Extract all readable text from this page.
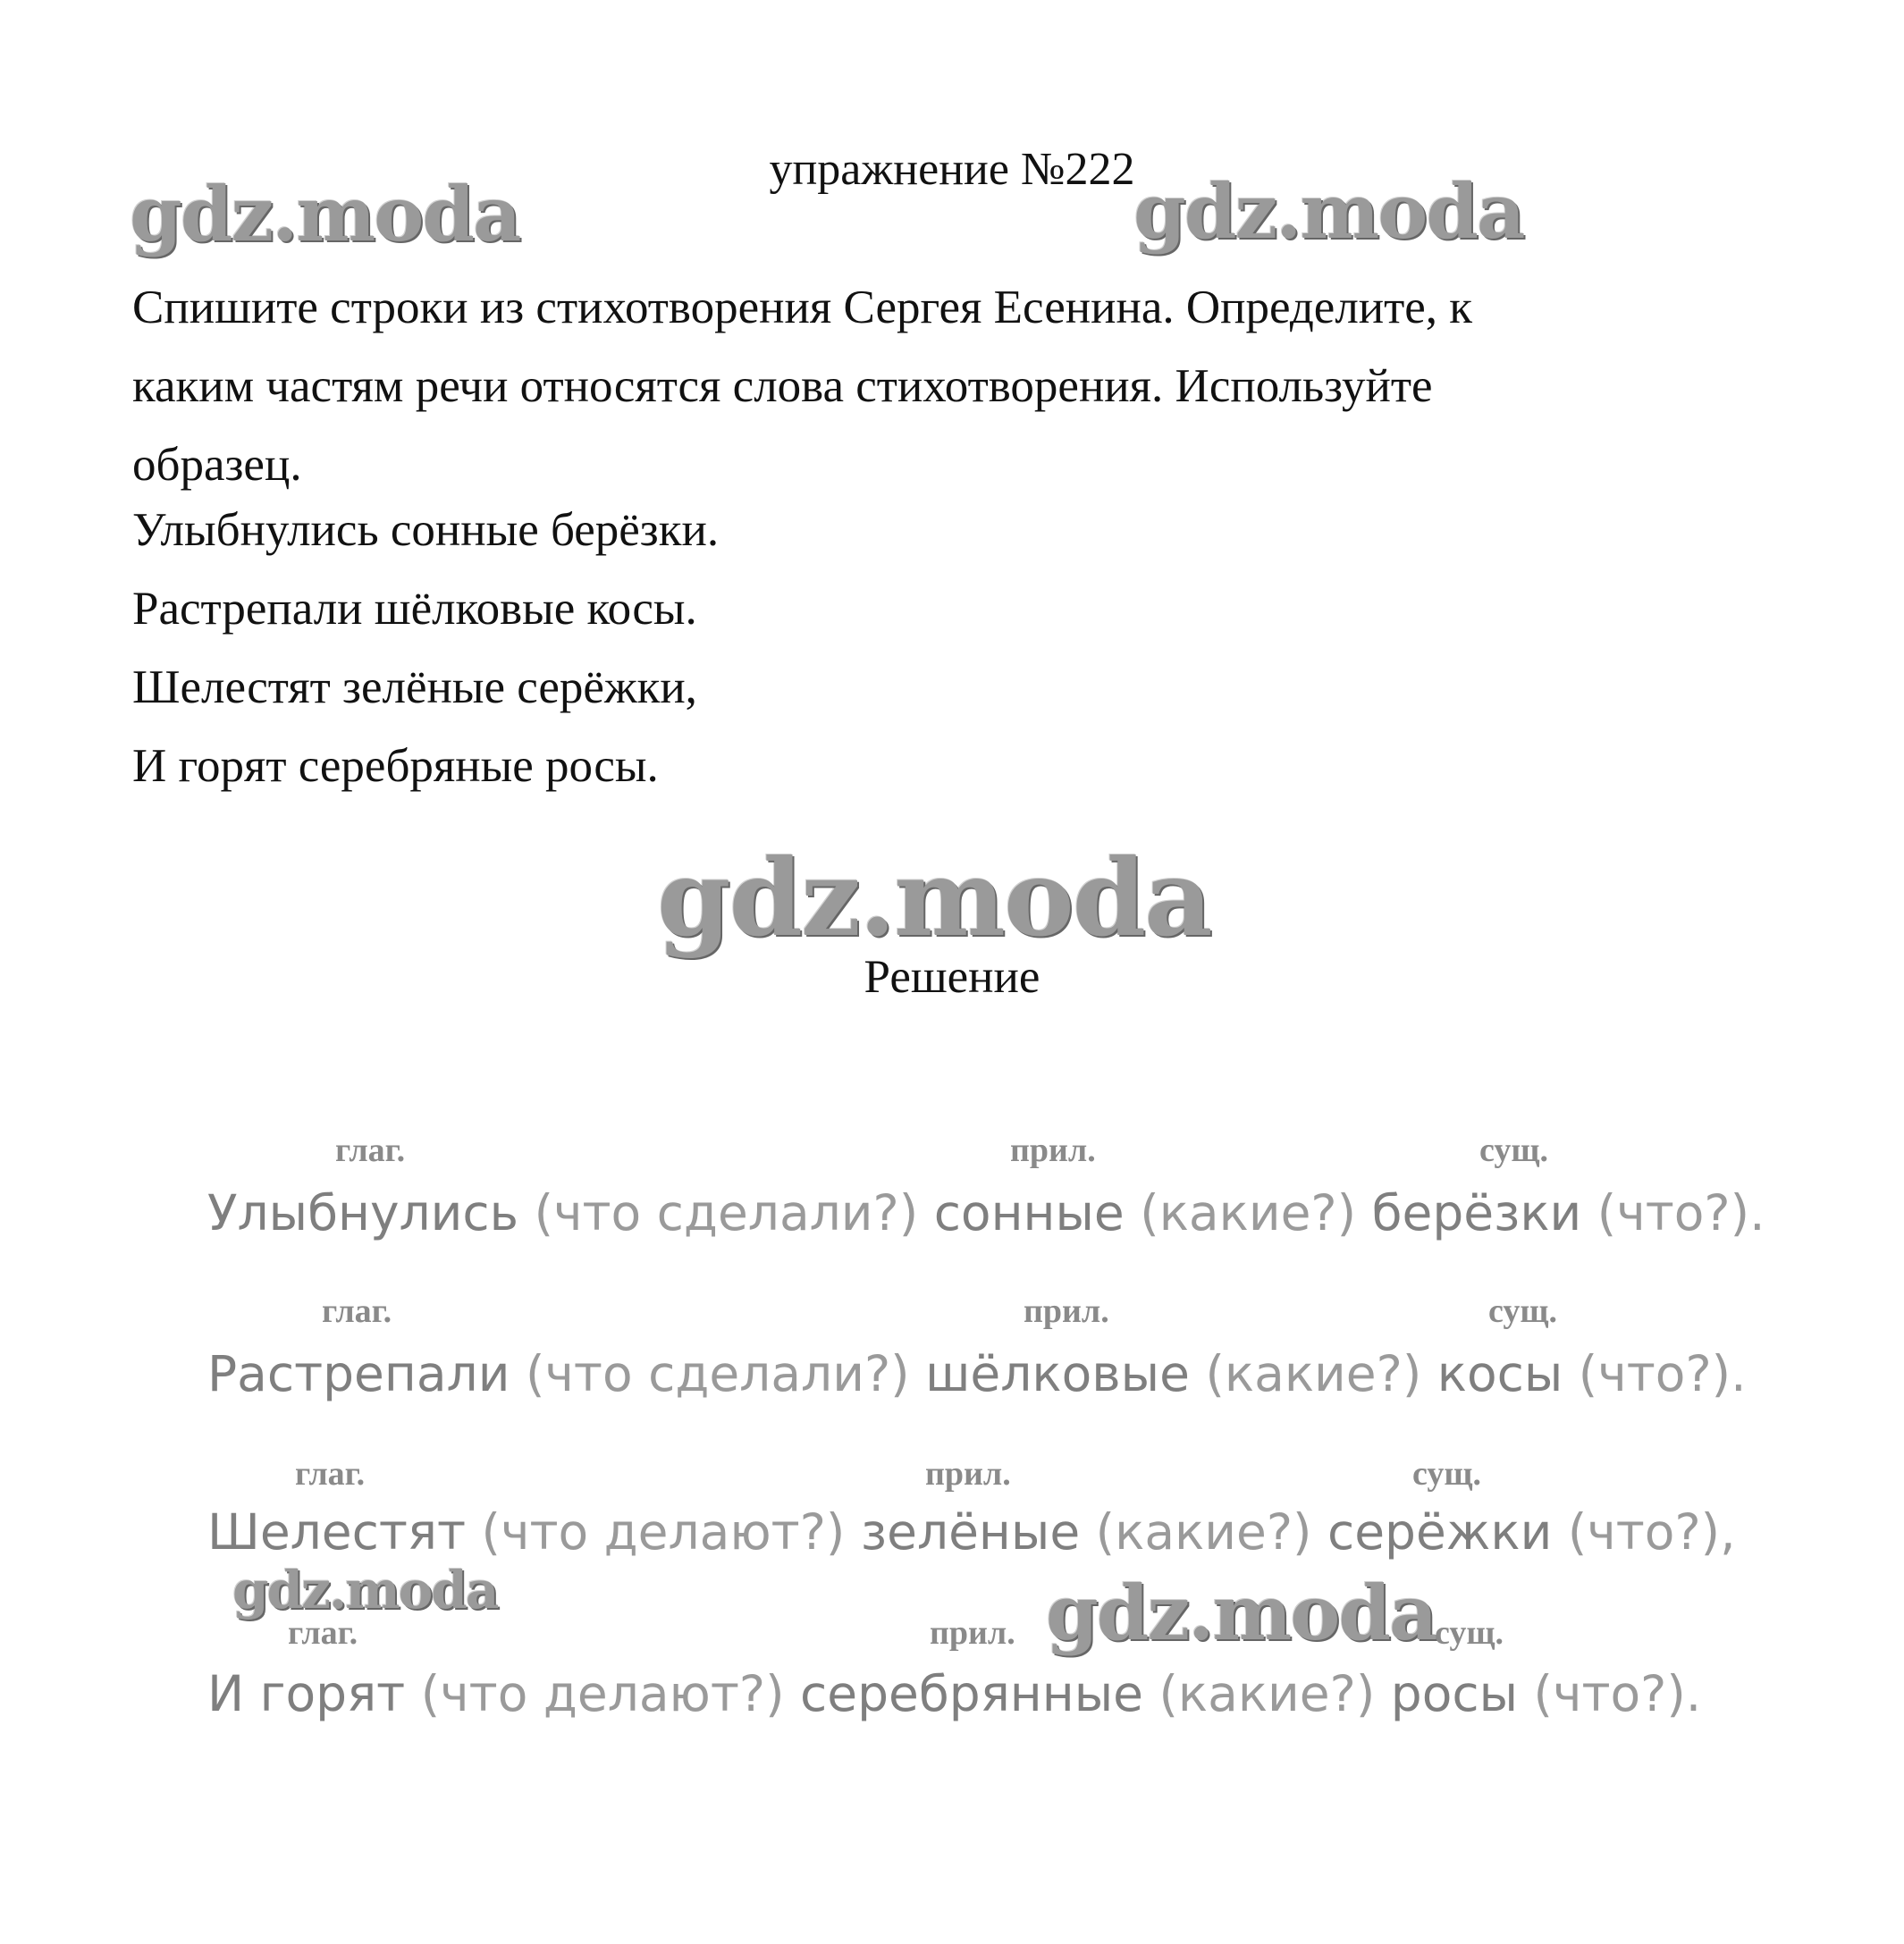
gdz.moda	gdz.moda
gdz.moda
gdz.moda	gdz.moda
упражнение №222

Спишите строки из стихотворения Сергея Есенина. Определите, к

каким частям речи относятся слова стихотворения. Используйте

образец.

Улыбнулись сонные берёзки.
Растрепали шёлковые косы.
Шелестят зелёные серёжки,
И горят серебряные росы.
Решение
глаг.	прил.	сущ.
Улыбнулись (что сделали?) сонные (какие?) берёзки (что?).
глаг.	прил.	сущ.
Растрепали (что сделали?) шёлковые (какие?) косы (что?).
глаг.	прил.	сущ.
Шелестят (что делают?) зелёные (какие?) серёжки (что?),
глаг.	прил.	сущ.
И горят (что делают?) серебрянные (какие?) росы (что?).
